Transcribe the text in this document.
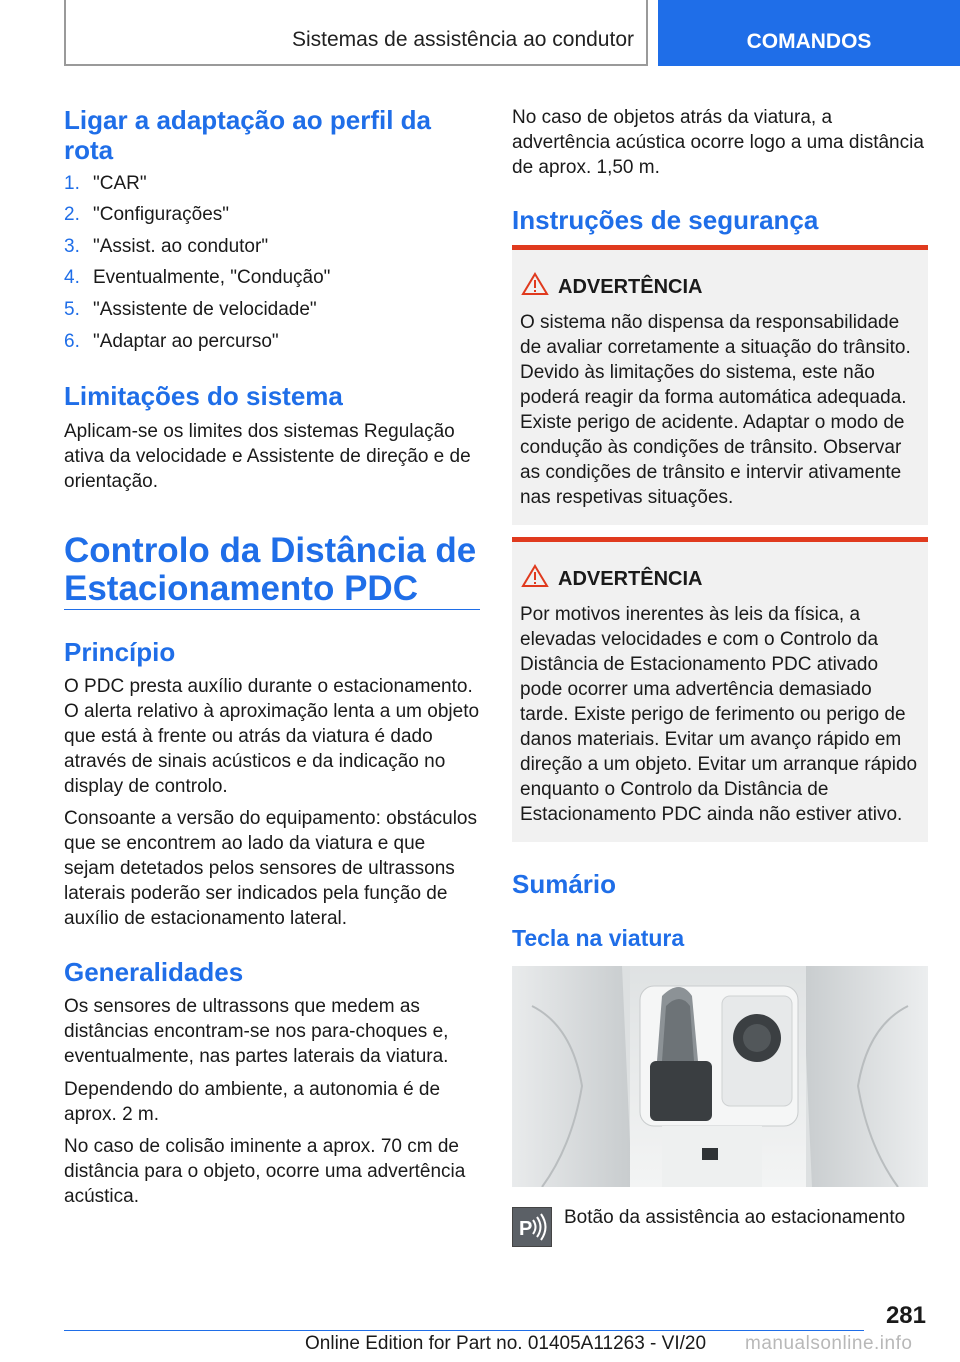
Sistemas de assistência ao condutor	COMANDOS
Ligar a adaptação ao perfil da
rota
1. "CAR"
2. "Configurações"
3. "Assist. ao condutor"
4. Eventualmente, "Condução"
5. "Assistente de velocidade"
6. "Adaptar ao percurso"
Limitações do sistema
Aplicam-se os limites dos sistemas Regulação ativa da velocidade e Assistente de direção e de orientação.
Controlo da Distância de Estacionamento PDC
Princípio
O PDC presta auxílio durante o estacionamento. O alerta relativo à aproximação lenta a um objeto que está à frente ou atrás da viatura é dado através de sinais acústicos e da indicação no display de controlo.
Consoante a versão do equipamento: obstáculos que se encontrem ao lado da viatura e que sejam detetados pelos sensores de ultrassons laterais poderão ser indicados pela função de auxílio de estacionamento lateral.
Generalidades
Os sensores de ultrassons que medem as distâncias encontram-se nos para-choques e, eventualmente, nas partes laterais da viatura.
Dependendo do ambiente, a autonomia é de aprox. 2 m.
No caso de colisão iminente a aprox. 70 cm de distância para o objeto, ocorre uma advertência acústica.
No caso de objetos atrás da viatura, a advertência acústica ocorre logo a uma distância de aprox. 1,50 m.
Instruções de segurança
ADVERTÊNCIA
O sistema não dispensa da responsabilidade de avaliar corretamente a situação do trânsito. Devido às limitações do sistema, este não poderá reagir da forma automática adequada. Existe perigo de acidente. Adaptar o modo de condução às condições de trânsito. Observar as condições de trânsito e intervir ativamente nas respetivas situações.
ADVERTÊNCIA
Por motivos inerentes às leis da física, a elevadas velocidades e com o Controlo da Distância de Estacionamento PDC ativado pode ocorrer uma advertência demasiado tarde. Existe perigo de ferimento ou perigo de danos materiais. Evitar um avanço rápido em direção a um objeto. Evitar um arranque rápido enquanto o Controlo da Distância de Estacionamento PDC ainda não estiver ativo.
Sumário
Tecla na viatura
P
Botão da assistência ao estacionamento
281
Online Edition for Part no. 01405A11263 - VI/20 manualsonline.info
